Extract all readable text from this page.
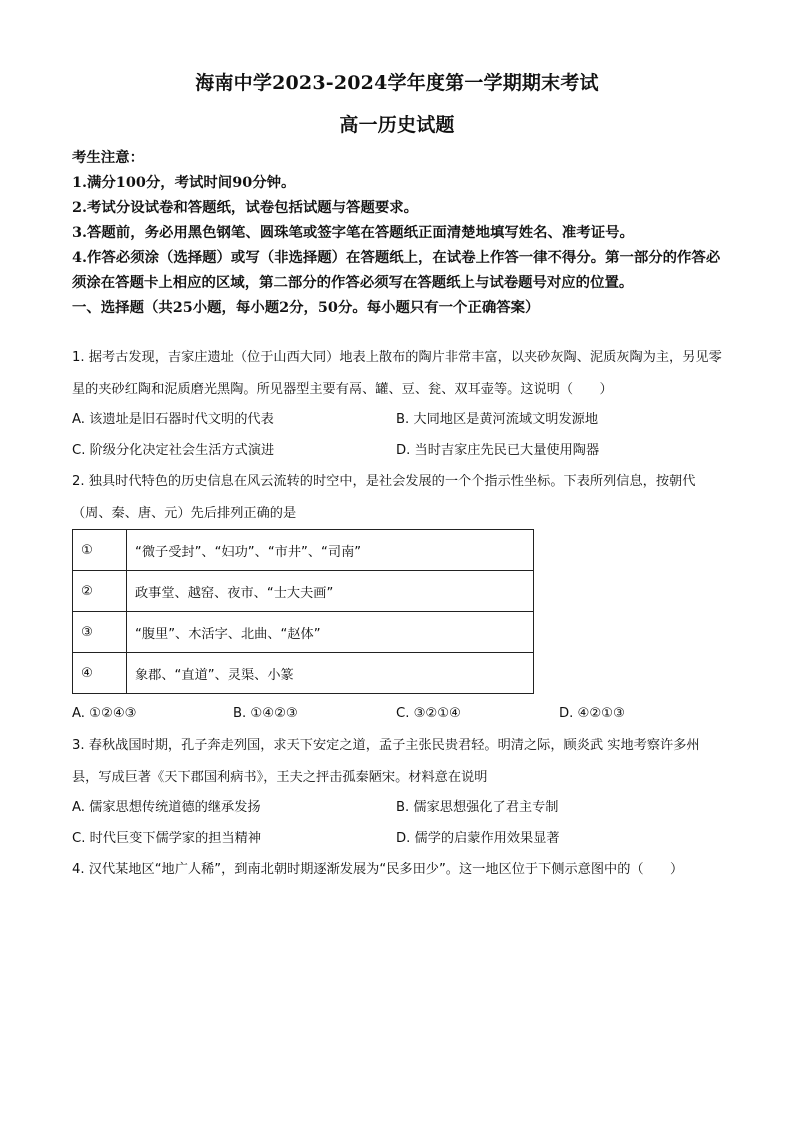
海南中学2023-2024学年度第一学期期末考试
高一历史试题

考生注意：

1.满分100分，考试时间90分钟。

2.考试分设试卷和答题纸，试卷包括试题与答题要求。

3.答题前，务必用黑色钢笔、圆珠笔或签字笔在答题纸正面清楚地填写姓名、准考证号。

4.作答必须涂（选择题）或写（非选择题）在答题纸上，在试卷上作答一律不得分。第一部分的作答必须涂在答题卡上相应的区域，第二部分的作答必须写在答题纸上与试卷题号对应的位置。

一、选择题（共25小题，每小题2分，50分。每小题只有一个正确答案）

1. 据考古发现，吉家庄遗址（位于山西大同）地表上散布的陶片非常丰富，以夹砂灰陶、泥质灰陶为主，另见零星的夹砂红陶和泥质磨光黑陶。所见器型主要有鬲、罐、豆、瓮、双耳壶等。这说明（　　）
A. 该遗址是旧石器时代文明的代表	B. 大同地区是黄河流域文明发源地
C. 阶级分化决定社会生活方式演进	D. 当时吉家庄先民已大量使用陶器
2. 独具时代特色的历史信息在风云流转的时空中，是社会发展的一个个指示性坐标。下表所列信息，按朝代（周、秦、唐、元）先后排列正确的是
①	“微子受封”、“妇功”、“市井”、“司南”
②	政事堂、越窑、夜市、“士大夫画”
③	“腹里”、木活字、北曲、“赵体”
④	象郡、“直道”、灵渠、小篆
A. ①②④③	B. ①④②③	C. ③②①④	D. ④②①③
3. 春秋战国时期，孔子奔走列国，求天下安定之道，孟子主张民贵君轻。明清之际，顾炎武 实地考察许多州县，写成巨著《天下郡国利病书》，王夫之抨击孤秦陋宋。材料意在说明
A. 儒家思想传统道德的继承发扬	B. 儒家思想强化了君主专制
C. 时代巨变下儒学家的担当精神	D. 儒学的启蒙作用效果显著
4. 汉代某地区“地广人稀”，到南北朝时期逐渐发展为“民多田少”。这一地区位于下侧示意图中的（　　）
